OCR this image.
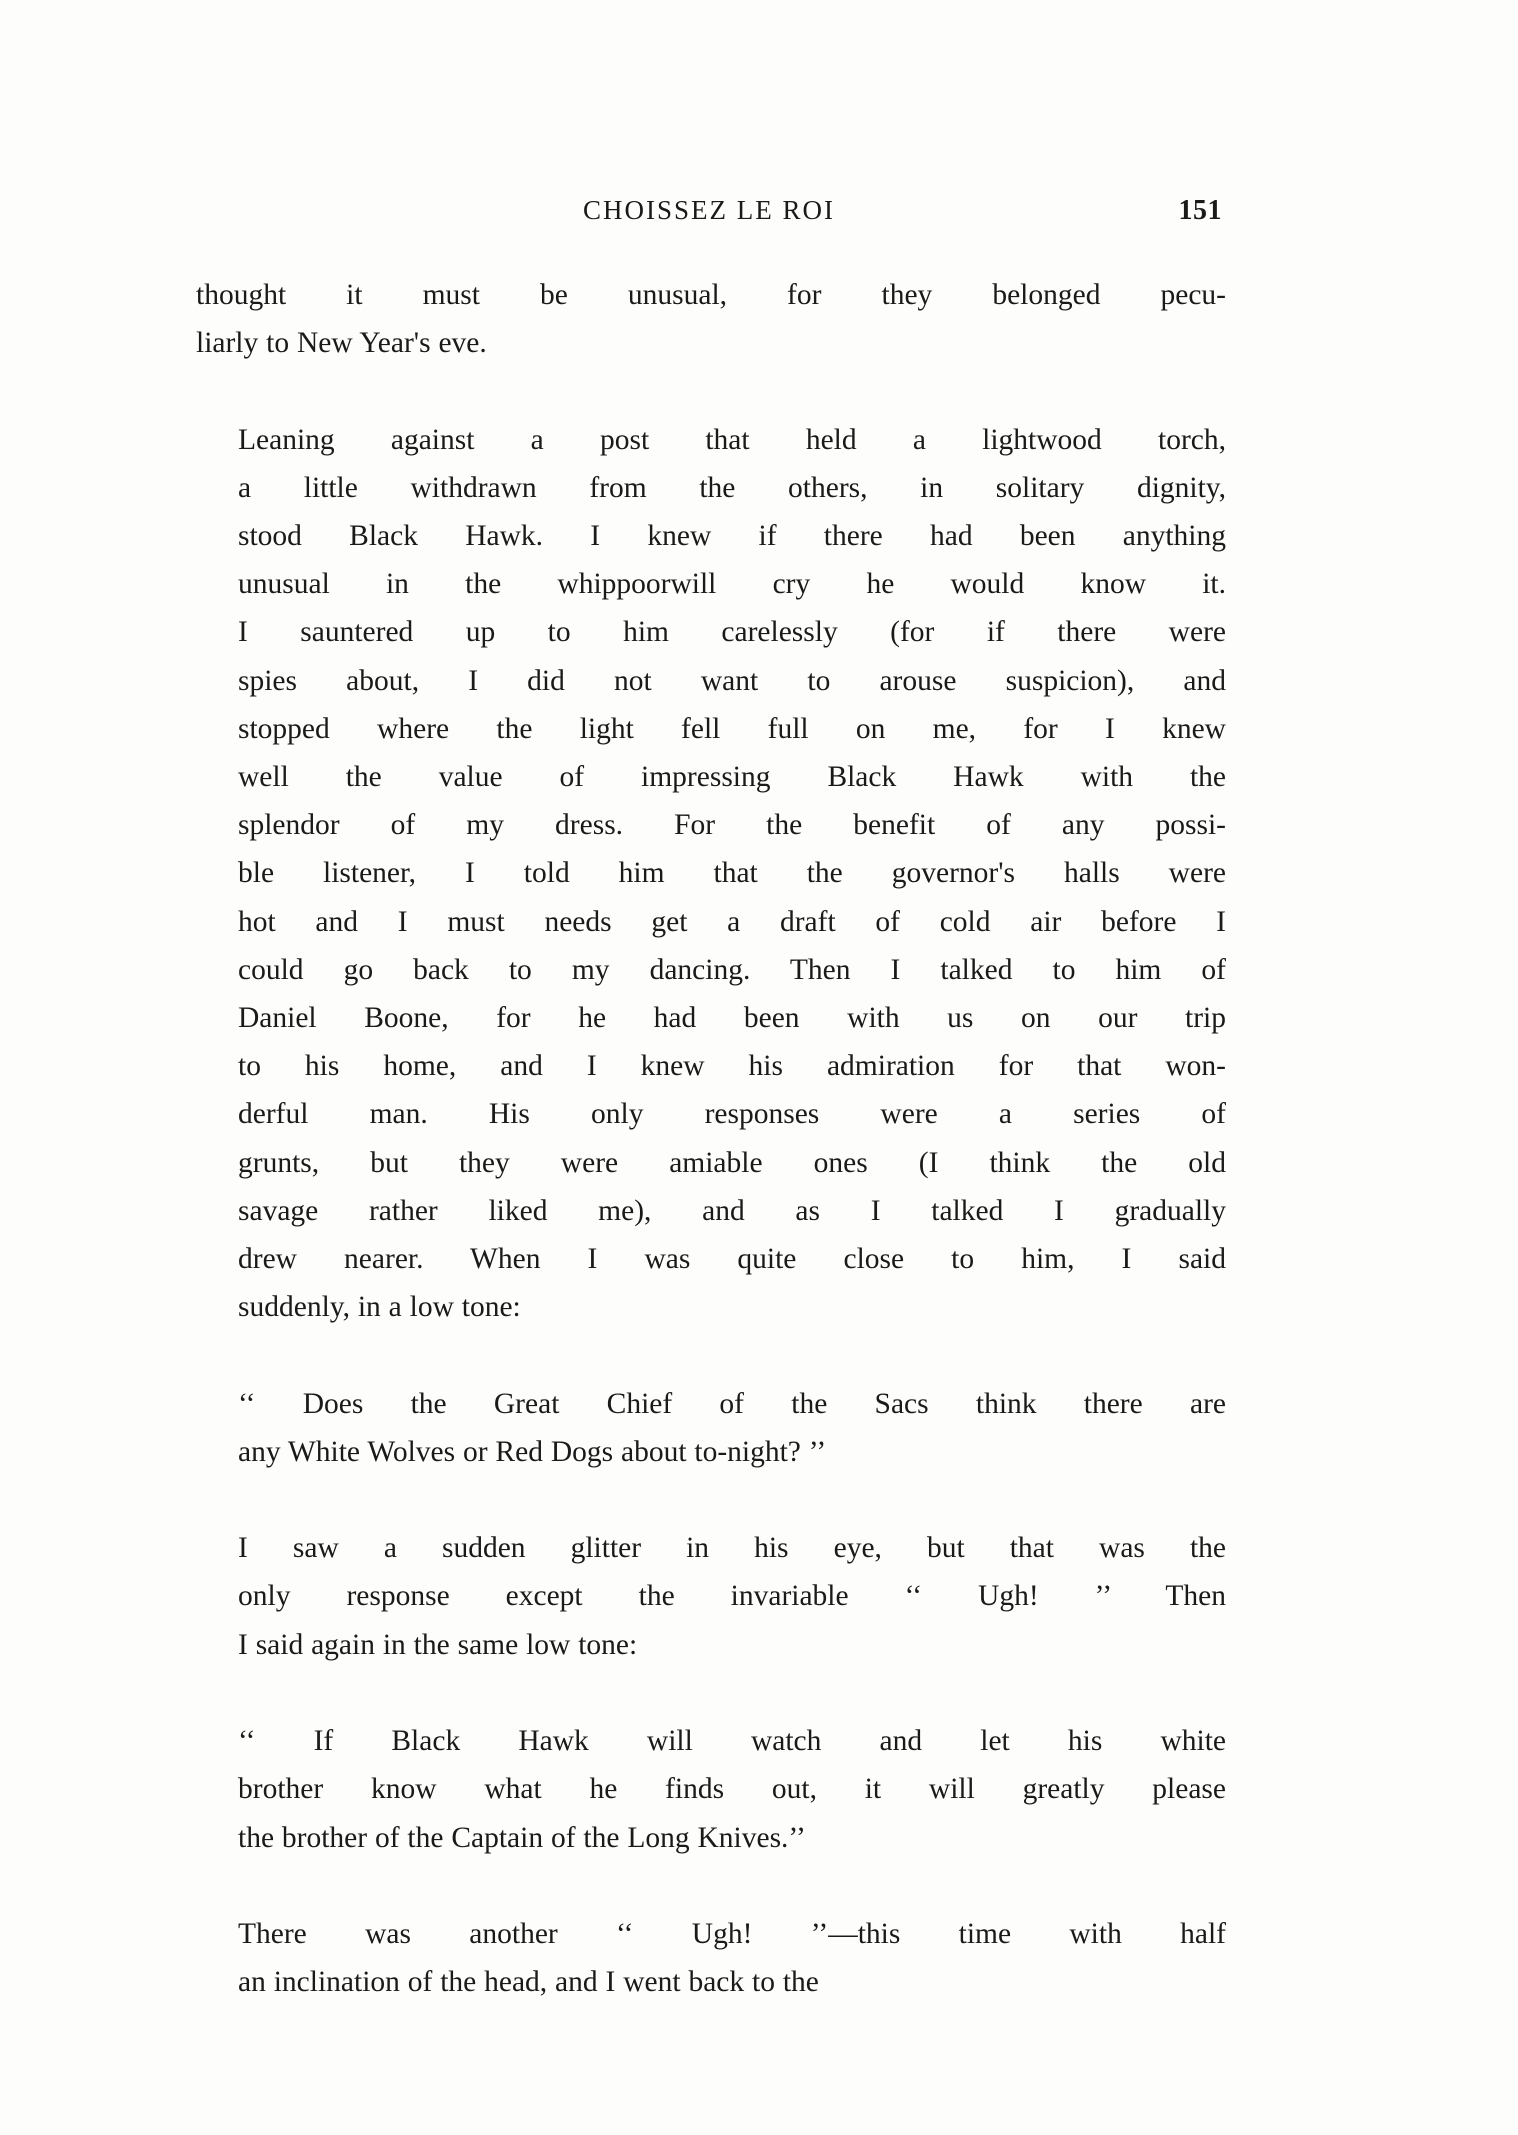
CHOISSEZ LE ROI	151

thought it must be unusual, for they belonged pecu-
liarly to New Year's eve.

Leaning against a post that held a lightwood torch,
a little withdrawn from the others, in solitary dignity,
stood Black Hawk. I knew if there had been anything
unusual in the whippoorwill cry he would know it.
I sauntered up to him carelessly (for if there were
spies about, I did not want to arouse suspicion), and
stopped where the light fell full on me, for I knew
well the value of impressing Black Hawk with the
splendor of my dress. For the benefit of any possi-
ble listener, I told him that the governor's halls were
hot and I must needs get a draft of cold air before I
could go back to my dancing. Then I talked to him of
Daniel Boone, for he had been with us on our trip
to his home, and I knew his admiration for that won-
derful man. His only responses were a series of
grunts, but they were amiable ones (I think the old
savage rather liked me), and as I talked I gradually
drew nearer. When I was quite close to him, I said
suddenly, in a low tone:

‘‘ Does the Great Chief of the Sacs think there are
any White Wolves or Red Dogs about to-night? ’’

I saw a sudden glitter in his eye, but that was the
only response except the invariable ‘‘ Ugh! ’’ Then
I said again in the same low tone:

‘‘ If Black Hawk will watch and let his white
brother know what he finds out, it will greatly please
the brother of the Captain of the Long Knives.’’

There was another ‘‘ Ugh! ’’—this time with half
an inclination of the head, and I went back to the
